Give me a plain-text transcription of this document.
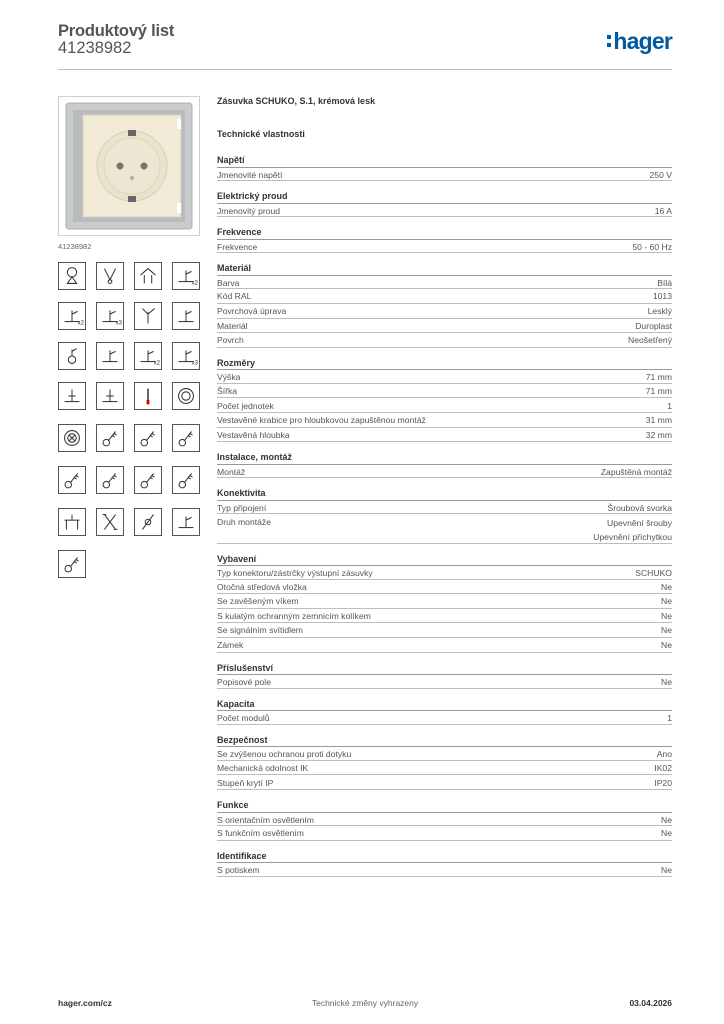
Produktový list
41238982	hager
41238982
x2
x2	x3
x2	x3
Zásuvka SCHUKO, S.1, krémová lesk
Technické vlastnosti
Napětí
Jmenovité napětí	250 V
Elektrický proud
Jmenovitý proud	16 A
Frekvence
Frekvence	50 - 60 Hz
Materiál
Barva	Bílá
Kód RAL	1013
Povrchová úprava	Lesklý
Materiál	Duroplast
Povrch	Neošetřený
Rozměry
Výška	71 mm
Šířka	71 mm
Počet jednotek	1
Vestavěné krabice pro hloubkovou zapuštěnou montáž	31 mm
Vestavěná hloubka	32 mm
Instalace, montáž
Montáž	Zapuštěná montáž
Konektivita
Typ připojení	Šroubová svorka
Druh montáže	Upevnění šrouby
Upevnění příchytkou
Vybavení
Typ konektoru/zástrčky výstupní zásuvky	SCHUKO
Otočná středová vložka	Ne
Se zavěšeným víkem	Ne
S kulatým ochranným zemnicím kolíkem	Ne
Se signálním svítidlem	Ne
Zámek	Ne
Příslušenství
Popisové pole	Ne
Kapacita
Počet modulů	1
Bezpečnost
Se zvýšenou ochranou proti dotyku	Ano
Mechanická odolnost IK	IK02
Stupeň krytí IP	IP20
Funkce
S orientačním osvětlením	Ne
S funkčním osvětlením	Ne
Identifikace
S potiskem	Ne
Technické změny vyhrazeny
hager.com/cz	03.04.2026
